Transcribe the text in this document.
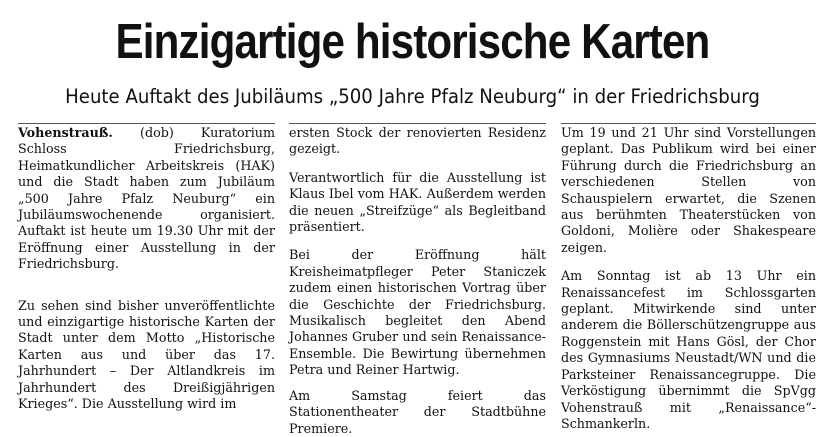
Einzigartige historische Karten
Heute Auftakt des Jubiläums „500 Jahre Pfalz Neuburg“ in der Friedrichsburg

Vohenstrauß. (dob) Kuratorium Schloss Friedrichsburg, Heimatkundlicher Arbeitskreis (HAK) und die Stadt haben zum Jubiläum „500 Jahre Pfalz Neuburg“ ein Jubiläumswochenende organisiert. Auftakt ist heute um 19.30 Uhr mit der Eröffnung einer Ausstellung in der Friedrichsburg.

Zu sehen sind bisher unveröffentlichte und einzigartige historische Karten der Stadt unter dem Motto „Historische Karten aus und über das 17. Jahrhundert – Der Altlandkreis im Jahrhundert des Dreißigjährigen Krieges“. Die Ausstellung wird im

ersten Stock der renovierten Residenz gezeigt.

Verantwortlich für die Ausstellung ist Klaus Ibel vom HAK. Außerdem werden die neuen „Streifzüge“ als Begleitband präsentiert.

Bei der Eröffnung hält Kreisheimatpfleger Peter Staniczek zudem einen historischen Vortrag über die Geschichte der Friedrichsburg. Musikalisch begleitet den Abend Johannes Gruber und sein Renaissance-Ensemble. Die Bewirtung übernehmen Petra und Reiner Hartwig.

Am Samstag feiert das Stationentheater der Stadtbühne Premiere.

Um 19 und 21 Uhr sind Vorstellungen geplant. Das Publikum wird bei einer Führung durch die Friedrichsburg an verschiedenen Stellen von Schauspielern erwartet, die Szenen aus berühmten Theaterstücken von Goldoni, Molière oder Shakespeare zeigen.

Am Sonntag ist ab 13 Uhr ein Renaissancefest im Schlossgarten geplant. Mitwirkende sind unter anderem die Böllerschützengruppe aus Roggenstein mit Hans Gösl, der Chor des Gymnasiums Neustadt/WN und die Parksteiner Renaissancegruppe. Die Verköstigung übernimmt die SpVgg Vohenstrauß mit „Renaissance“-Schmankerln.
